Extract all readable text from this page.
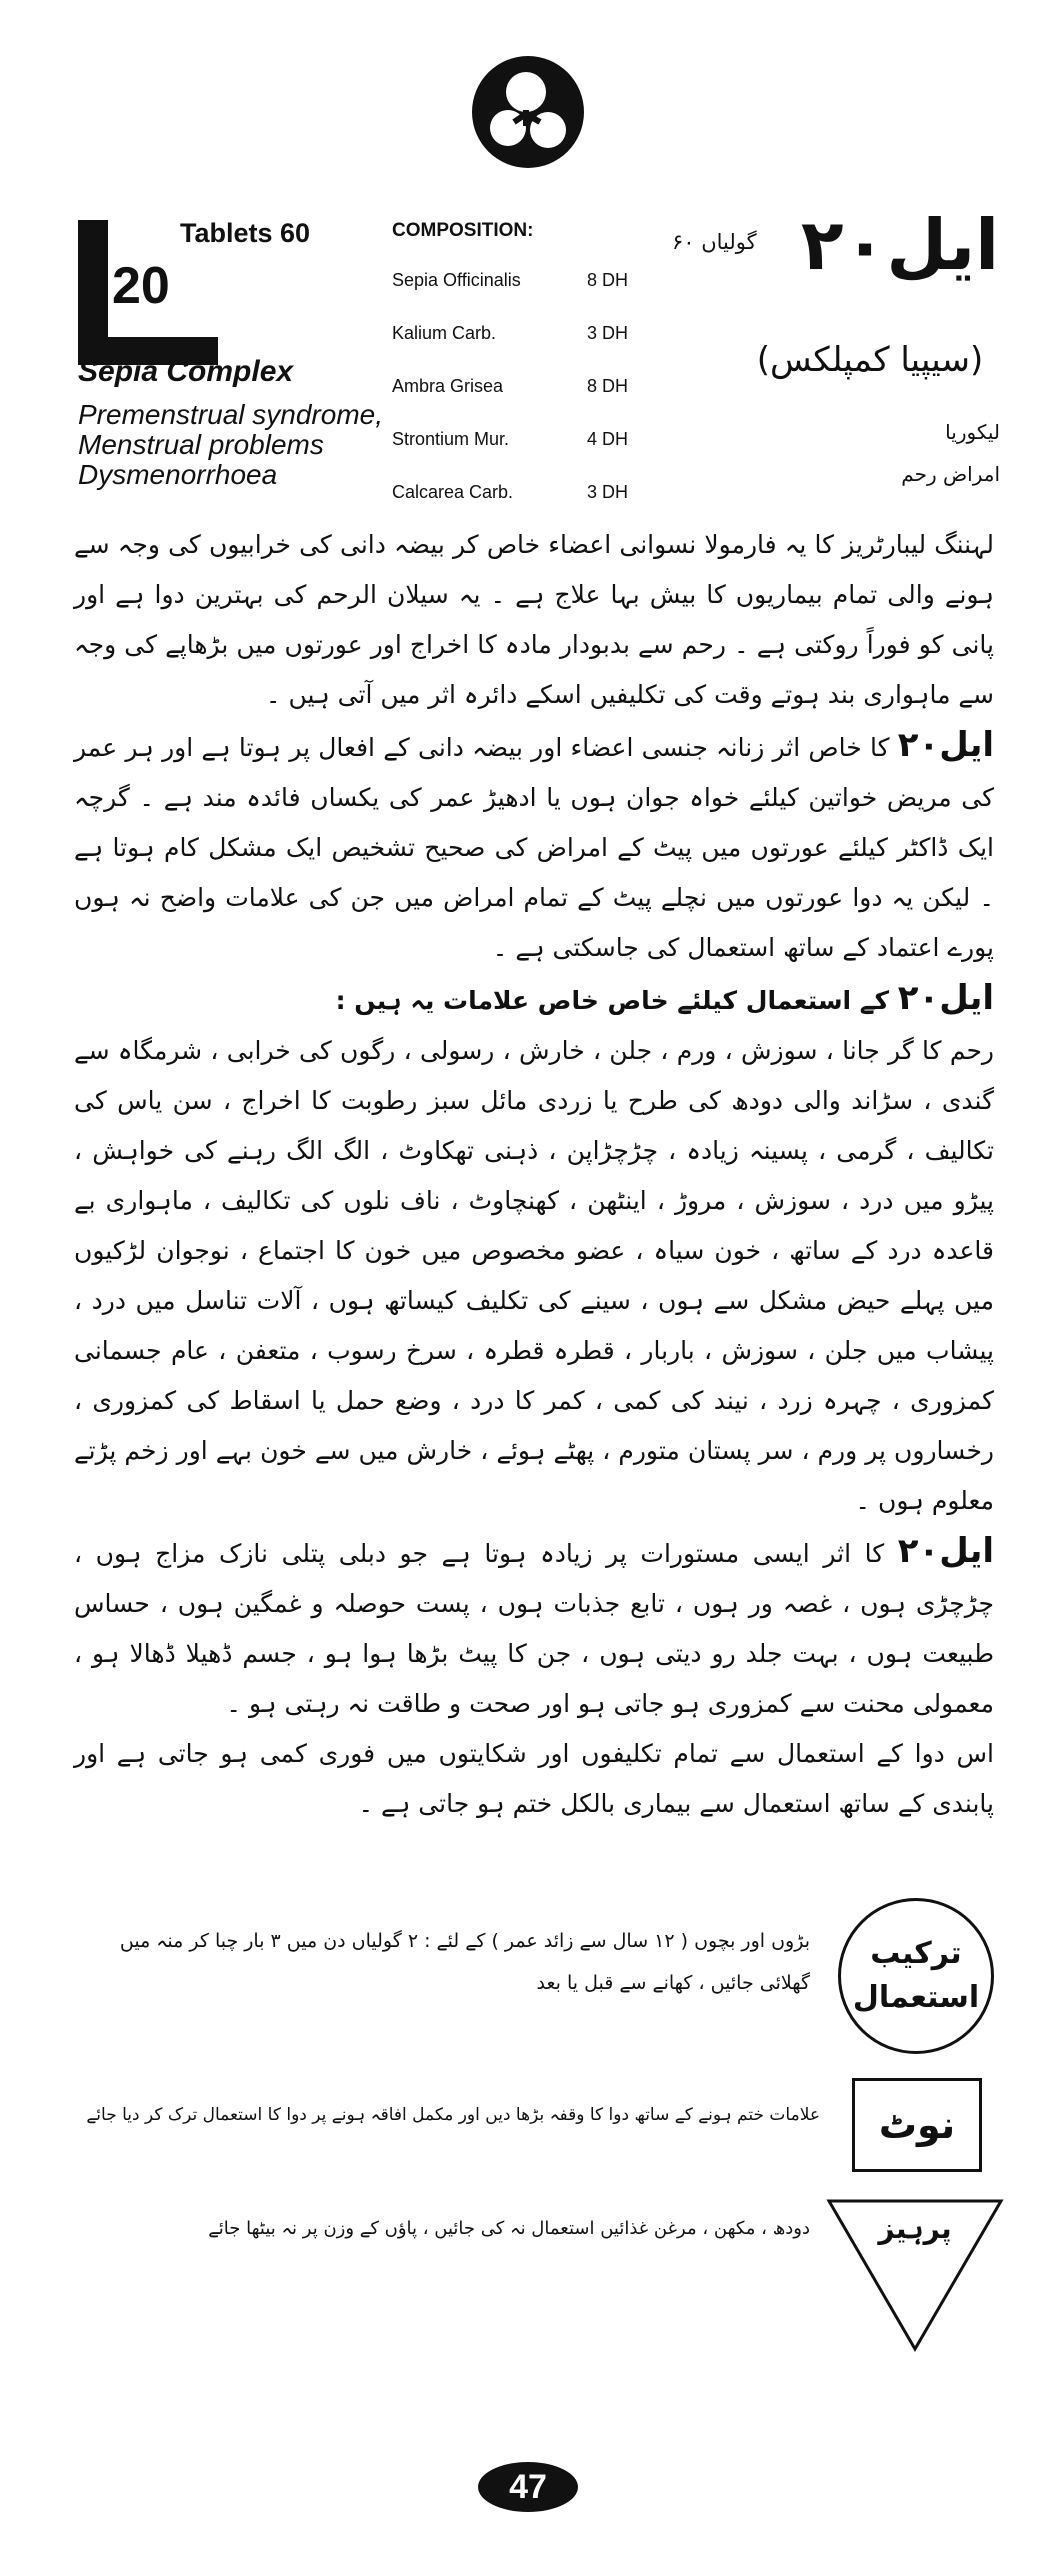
20
Tablets 60
Sepia Complex
Premenstrual syndrome,
Menstrual problems
Dysmenorrhoea
COMPOSITION:
Sepia Officinalis	8 DH
Kalium Carb.	3 DH
Ambra Grisea	8 DH
Strontium Mur.	4 DH
Calcarea Carb.	3 DH
گولیاں ۶۰ ایل۲۰
(سیپیا کمپلکس)
لیکوریا
امراض رحم

لہننگ لیبارٹریز کا یہ فارمولا نسوانی اعضاء خاص کر بیضہ دانی کی خرابیوں کی وجہ سے ہونے والی تمام بیماریوں کا بیش بہا علاج ہے ۔ یہ سیلان الرحم کی بہترین دوا ہے اور پانی کو فوراً روکتی ہے ۔ رحم سے بدبودار مادہ کا اخراج اور عورتوں میں بڑھاپے کی وجہ سے ماہواری بند ہوتے وقت کی تکلیفیں اسکے دائرہ اثر میں آتی ہیں ۔

ایل۲۰ کا خاص اثر زنانہ جنسی اعضاء اور بیضہ دانی کے افعال پر ہوتا ہے اور ہر عمر کی مریض خواتین کیلئے خواہ جوان ہوں یا ادھیڑ عمر کی یکساں فائدہ مند ہے ۔ گرچہ ایک ڈاکٹر کیلئے عورتوں میں پیٹ کے امراض کی صحیح تشخیص ایک مشکل کام ہوتا ہے ۔ لیکن یہ دوا عورتوں میں نچلے پیٹ کے تمام امراض میں جن کی علامات واضح نہ ہوں پورے اعتماد کے ساتھ استعمال کی جاسکتی ہے ۔

ایل۲۰ کے استعمال کیلئے خاص خاص علامات یہ ہیں :

رحم کا گر جانا ، سوزش ، ورم ، جلن ، خارش ، رسولی ، رگوں کی خرابی ، شرمگاہ سے گندی ، سڑاند والی دودھ کی طرح یا زردی مائل سبز رطوبت کا اخراج ، سن یاس کی تکالیف ، گرمی ، پسینہ زیادہ ، چڑچڑاپن ، ذہنی تھکاوٹ ، الگ الگ رہنے کی خواہش ، پیڑو میں درد ، سوزش ، مروڑ ، اینٹھن ، کھنچاوٹ ، ناف نلوں کی تکالیف ، ماہواری بے قاعدہ درد کے ساتھ ، خون سیاہ ، عضو مخصوص میں خون کا اجتماع ، نوجوان لڑکیوں میں پہلے حیض مشکل سے ہوں ، سینے کی تکلیف کیساتھ ہوں ، آلات تناسل میں درد ، پیشاب میں جلن ، سوزش ، باربار ، قطرہ قطرہ ، سرخ رسوب ، متعفن ، عام جسمانی کمزوری ، چہرہ زرد ، نیند کی کمی ، کمر کا درد ، وضع حمل یا اسقاط کی کمزوری ، رخساروں پر ورم ، سر پستان متورم ، پھٹے ہوئے ، خارش میں سے خون بہے اور زخم پڑتے معلوم ہوں ۔

ایل۲۰ کا اثر ایسی مستورات پر زیادہ ہوتا ہے جو دبلی پتلی نازک مزاج ہوں ، چڑچڑی ہوں ، غصہ ور ہوں ، تابع جذبات ہوں ، پست حوصلہ و غمگین ہوں ، حساس طبیعت ہوں ، بہت جلد رو دیتی ہوں ، جن کا پیٹ بڑھا ہوا ہو ، جسم ڈھیلا ڈھالا ہو ، معمولی محنت سے کمزوری ہو جاتی ہو اور صحت و طاقت نہ رہتی ہو ۔

اس دوا کے استعمال سے تمام تکلیفوں اور شکایتوں میں فوری کمی ہو جاتی ہے اور پابندی کے ساتھ استعمال سے بیماری بالکل ختم ہو جاتی ہے ۔

ترکیب
استعمال
بڑوں اور بچوں ( ۱۲ سال سے زائد عمر ) کے لئے : ۲ گولیاں دن میں ۳ بار چبا کر منہ میں گھلائی جائیں ، کھانے سے قبل یا بعد
نوٹ
علامات ختم ہونے کے ساتھ دوا کا وقفہ بڑھا دیں اور مکمل افاقہ ہونے پر دوا کا استعمال ترک کر دیا جائے
پرہیز
دودھ ، مکھن ، مرغن غذائیں استعمال نہ کی جائیں ، پاؤں کے وزن پر نہ بیٹھا جائے
47
